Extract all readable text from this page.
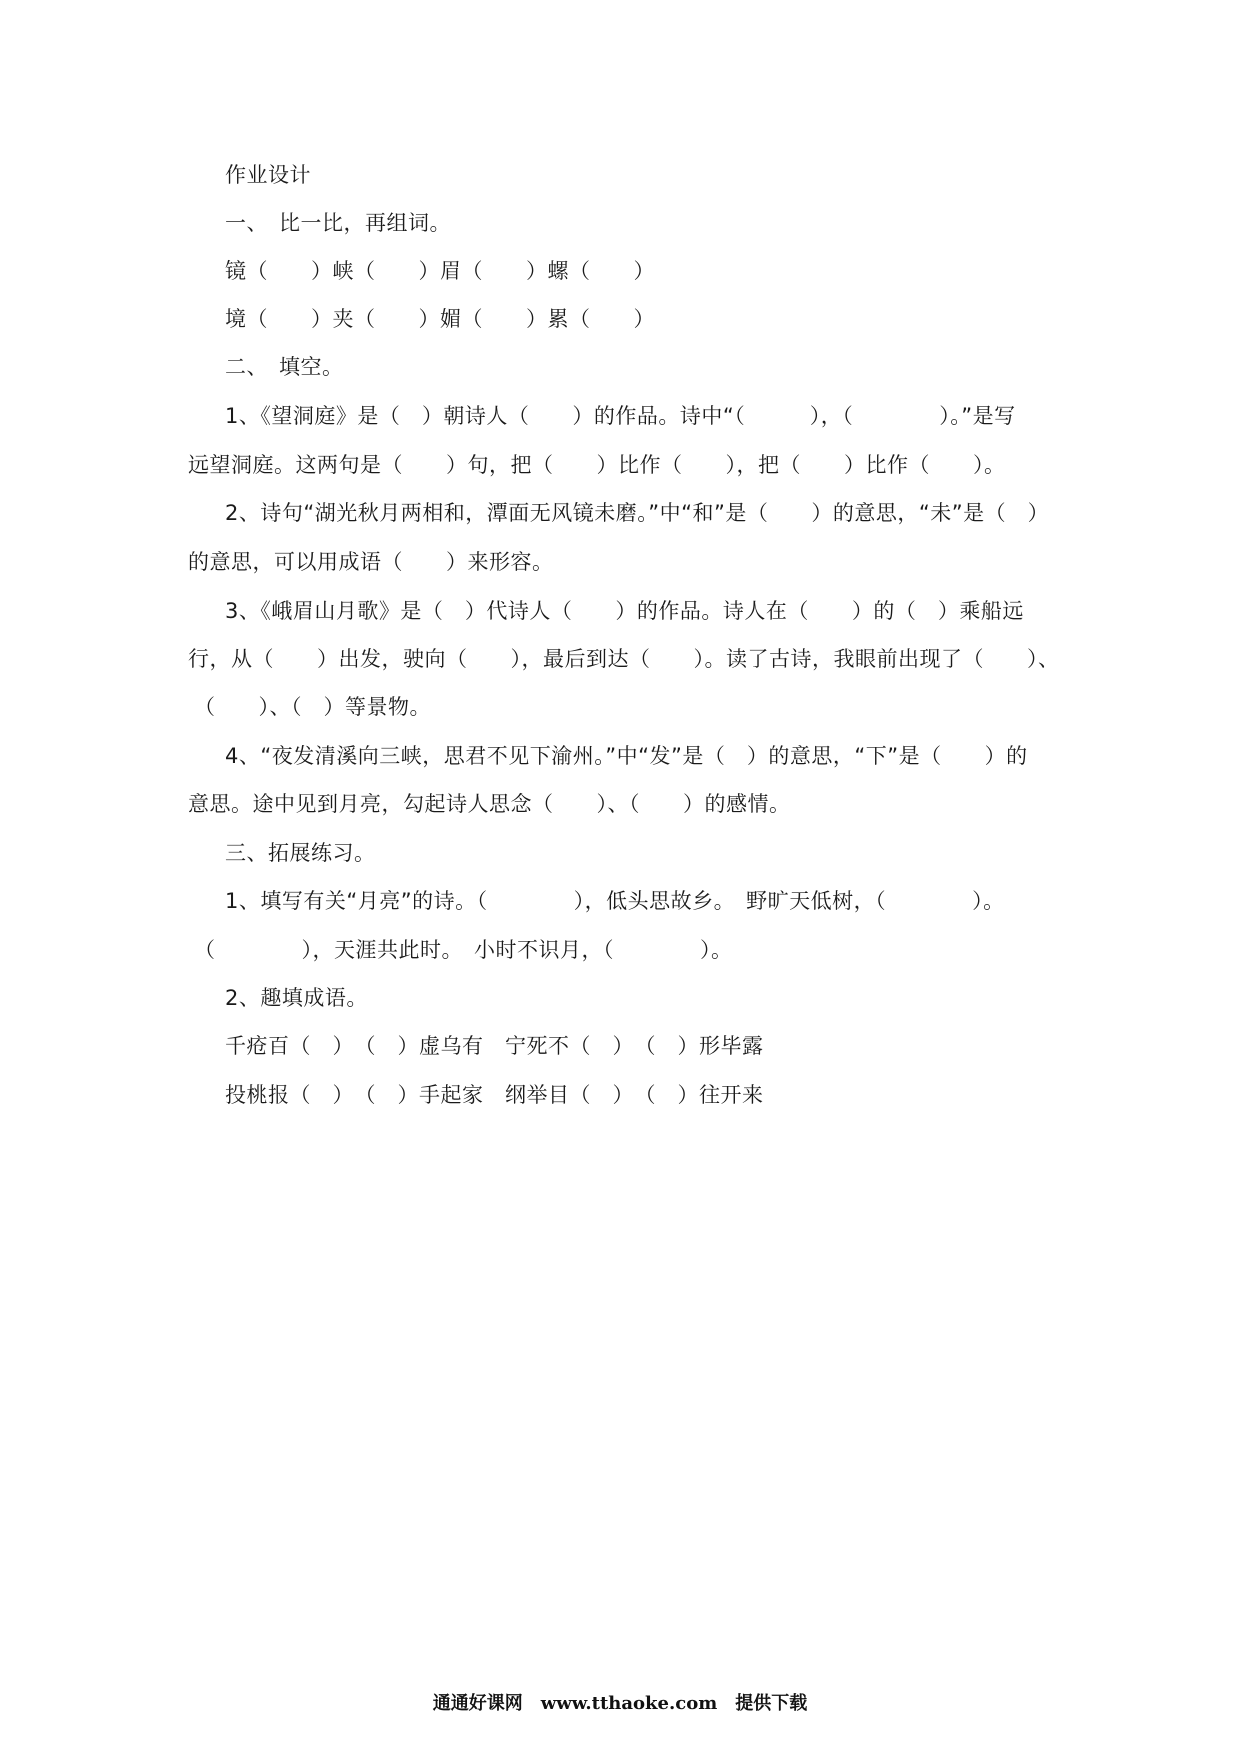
作业设计
一、　比一比，再组词。
镜（　　）峡（　　）眉（　　）螺（　　）
境（　　）夹（　　）媚（　　）累（　　）
二、　填空。
1、《望洞庭》是（　）朝诗人（　　）的作品。诗中“（　　　），（　　　　）。”是写
远望洞庭。这两句是（　　）句，把（　　）比作（　　），把（　　）比作（　　）。
2、诗句“湖光秋月两相和，潭面无风镜未磨。”中“和”是（　　）的意思，“未”是（　）
的意思，可以用成语（　　）来形容。
3、《峨眉山月歌》是（　）代诗人（　　）的作品。诗人在（　　）的（　）乘船远
行，从（　　）出发，驶向（　　），最后到达（　　）。读了古诗，我眼前出现了（　　）、
（　　）、（　）等景物。
4、“夜发清溪向三峡，思君不见下渝州。”中“发”是（　）的意思，“下”是（　　）的
意思。途中见到月亮，勾起诗人思念（　　）、（　　）的感情。
三、拓展练习。
1、填写有关“月亮”的诗。（　　　　），低头思故乡。　野旷天低树，（　　　　）。
（　　　　），天涯共此时。　小时不识月，（　　　　）。
2、趣填成语。
千疮百（　）　（　）虚乌有　宁死不（　）　（　）形毕露
投桃报（　）　（　）手起家　纲举目（　）　（　）往开来
通通好课网　www.tthaoke.com　提供下载
